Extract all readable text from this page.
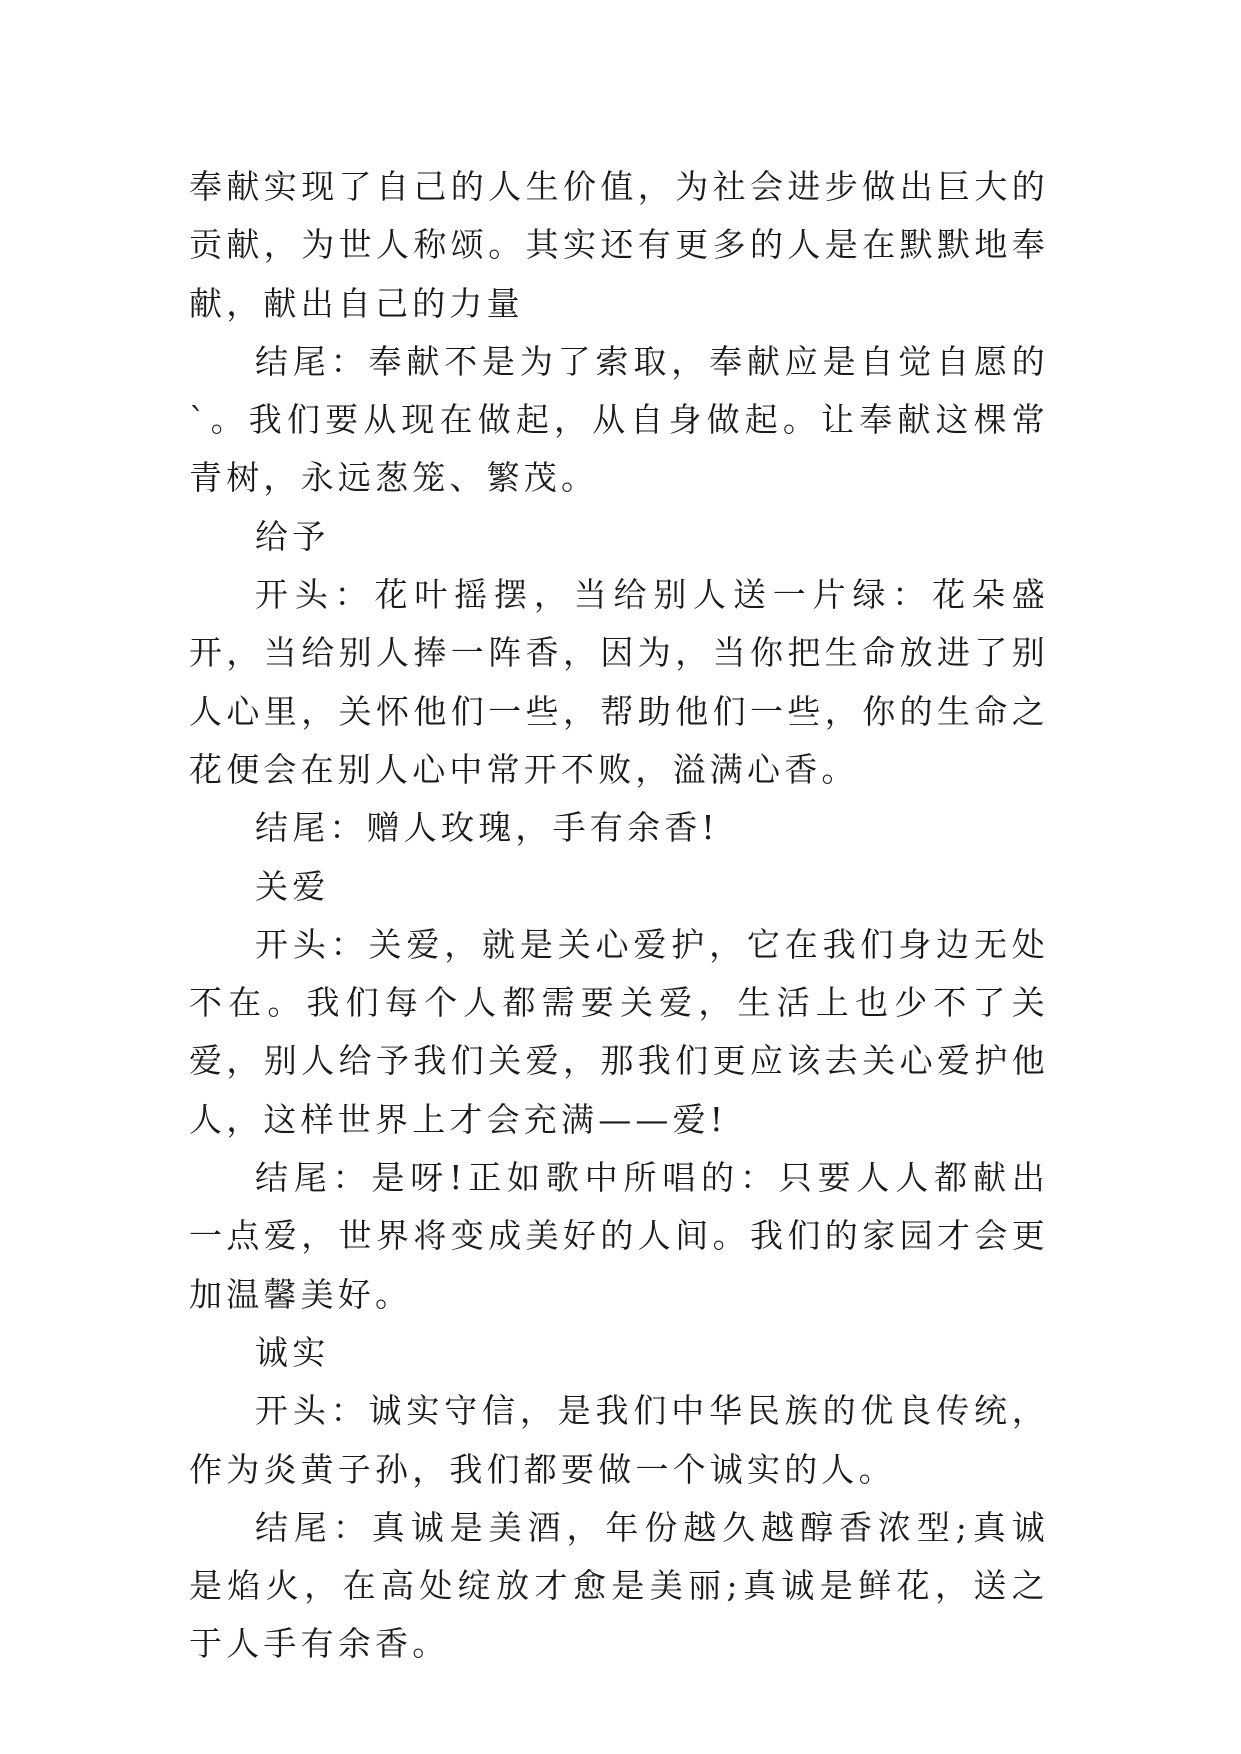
奉献实现了自己的人生价值，为社会进步做出巨大的贡献，为世人称颂。其实还有更多的人是在默默地奉献，献出自己的力量

结尾：奉献不是为了索取，奉献应是自觉自愿的`。我们要从现在做起，从自身做起。让奉献这棵常青树，永远葱笼、繁茂。

给予

开头：花叶摇摆，当给别人送一片绿：花朵盛开，当给别人捧一阵香，因为，当你把生命放进了别人心里，关怀他们一些，帮助他们一些，你的生命之花便会在别人心中常开不败，溢满心香。

结尾：赠人玫瑰，手有余香!

关爱

开头：关爱，就是关心爱护，它在我们身边无处不在。我们每个人都需要关爱，生活上也少不了关爱，别人给予我们关爱，那我们更应该去关心爱护他人，这样世界上才会充满——爱!

结尾：是呀!正如歌中所唱的：只要人人都献出一点爱，世界将变成美好的人间。我们的家园才会更加温馨美好。

诚实

开头：诚实守信，是我们中华民族的优良传统，作为炎黄子孙，我们都要做一个诚实的人。

结尾：真诚是美酒，年份越久越醇香浓型;真诚是焰火，在高处绽放才愈是美丽;真诚是鲜花，送之于人手有余香。
